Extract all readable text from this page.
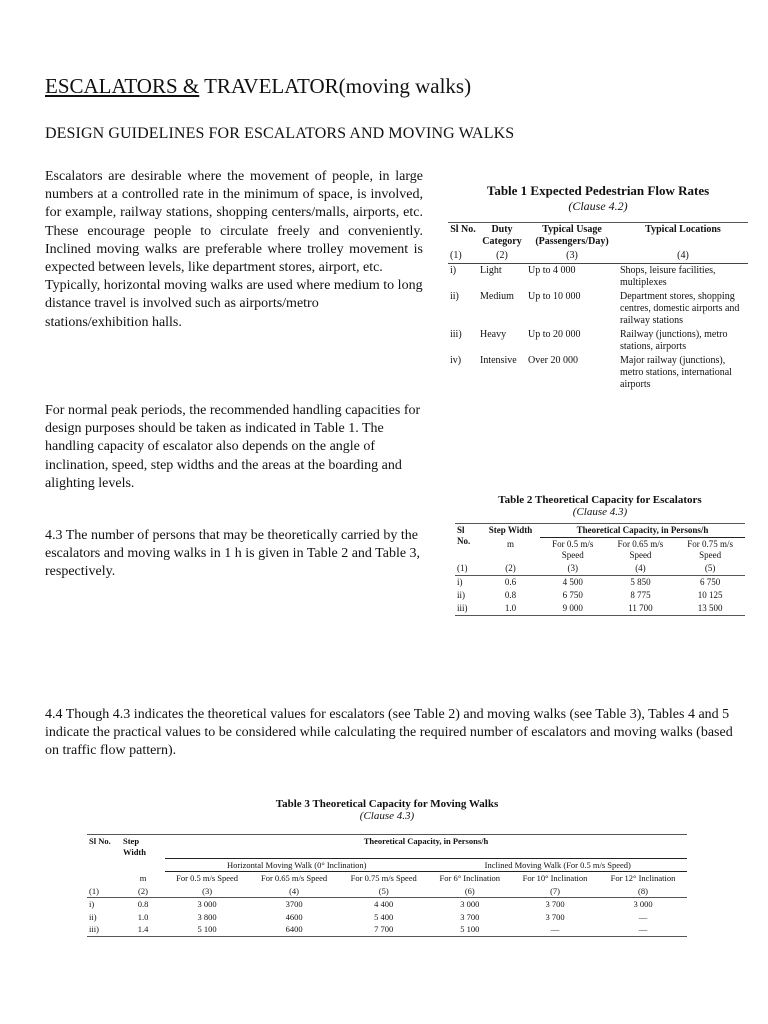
ESCALATORS & TRAVELATOR(moving walks)
DESIGN GUIDELINES FOR ESCALATORS AND MOVING WALKS
Escalators are desirable where the movement of people, in large numbers at a controlled rate in the minimum of space, is involved, for example, railway stations, shopping centers/malls, airports, etc. These encourage people to circulate freely and conveniently. Inclined moving walks are preferable where trolley movement is expected between levels, like department stores, airport, etc.
Typically, horizontal moving walks are used where medium to long distance travel is involved such as airports/metro stations/exhibition halls.
For normal peak periods, the recommended handling capacities for design purposes should be taken as indicated in Table 1. The handling capacity of escalator also depends on the angle of inclination, speed, step widths and the areas at the boarding and alighting levels.
4.3 The number of persons that may be theoretically carried by the escalators and moving walks in 1 h is given in Table 2 and Table 3, respectively.
4.4 Though 4.3 indicates the theoretical values for escalators (see Table 2) and moving walks (see Table 3), Tables 4 and 5 indicate the practical values to be considered while calculating the required number of escalators and moving walks (based on traffic flow pattern).
Table 1 Expected Pedestrian Flow Rates
(Clause 4.2)
Sl No.	Duty Category	Typical Usage (Passengers/Day)	Typical Locations
(1)	(2)	(3)	(4)
i)	Light	Up to 4 000	Shops, leisure facilities, multiplexes
ii)	Medium	Up to 10 000	Department stores, shopping centres, domestic airports and railway stations
iii)	Heavy	Up to 20 000	Railway (junctions), metro stations, airports
iv)	Intensive	Over 20 000	Major railway (junctions), metro stations, international airports
Table 2 Theoretical Capacity for Escalators
(Clause 4.3)
Sl No.	Step Width	Theoretical Capacity, in Persons/h		
	m	For 0.5 m/s Speed	For 0.65 m/s Speed	For 0.75 m/s Speed
(1)	(2)	(3)	(4)	(5)
i)	0.6	4 500	5 850	6 750
ii)	0.8	6 750	8 775	10 125
iii)	1.0	9 000	11 700	13 500
Table 3 Theoretical Capacity for Moving Walks
(Clause 4.3)
Sl No.	Step Width	Theoretical Capacity, in Persons/h					
		Horizontal Moving Walk (0° Inclination)			Inclined Moving Walk (For 0.5 m/s Speed)		
	m	For 0.5 m/s Speed	For 0.65 m/s Speed	For 0.75 m/s Speed	For 6° Inclination	For 10° Inclination	For 12° Inclination
(1)	(2)	(3)	(4)	(5)	(6)	(7)	(8)
i)	0.8	3 000	3700	4 400	3 000	3 700	3 000
ii)	1.0	3 800	4600	5 400	3 700	3 700	—
iii)	1.4	5 100	6400	7 700	5 100	—	—
